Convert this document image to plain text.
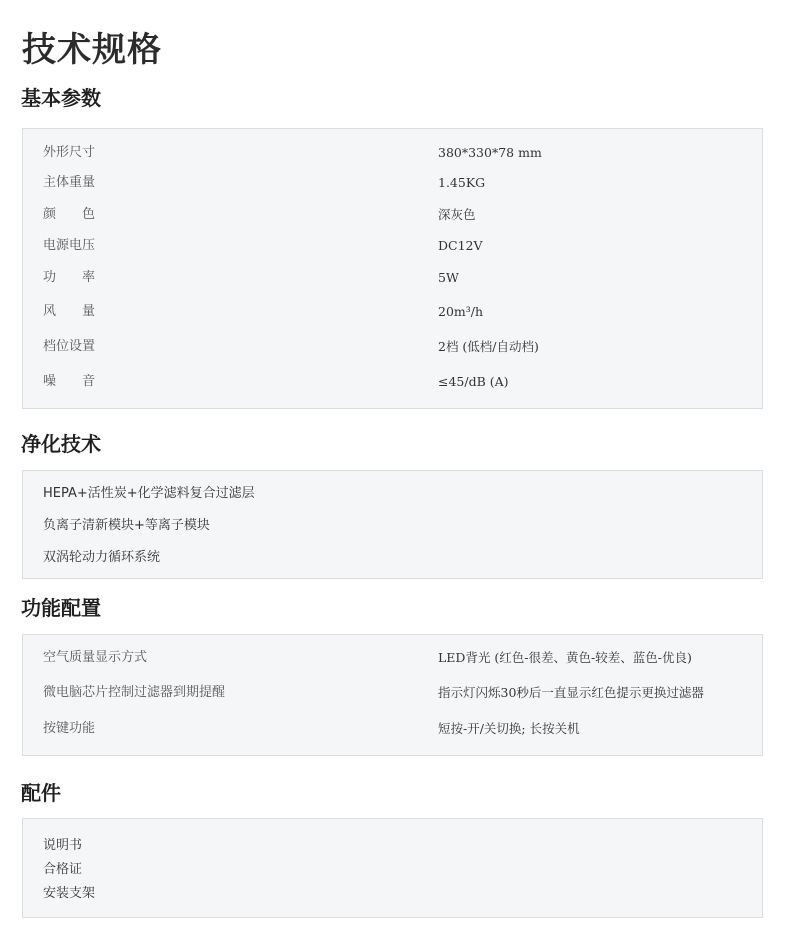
技术规格
基本参数
外形尺寸	380*330*78 mm
主体重量	1.45KG
颜　　色	深灰色
电源电压	DC12V
功　　率	5W
风　　量	20m³/h
档位设置	2档 (低档/自动档)
噪　　音	≤45/dB (A)
净化技术
HEPA+活性炭+化学滤料复合过滤层
负离子清新模块+等离子模块
双涡轮动力循环系统
功能配置
空气质量显示方式	LED背光 (红色-很差、黄色-较差、蓝色-优良)
微电脑芯片控制过滤器到期提醒	指示灯闪烁30秒后一直显示红色提示更换过滤器
按键功能	短按-开/关切换; 长按关机
配件
说明书
合格证
安装支架
